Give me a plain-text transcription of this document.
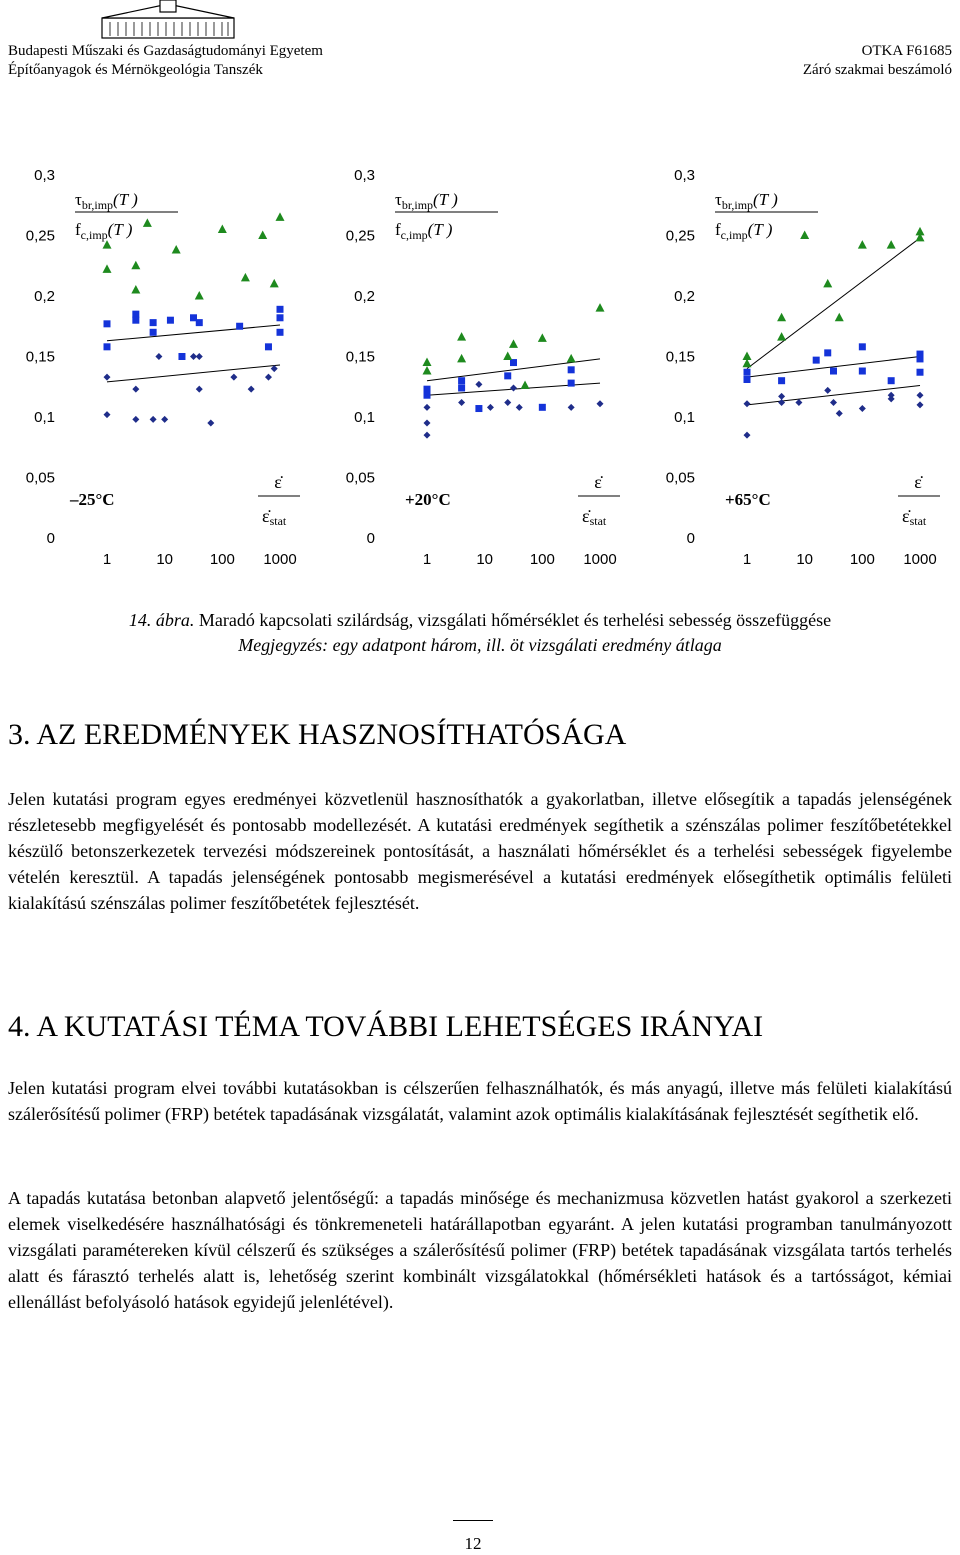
Budapesti Műszaki és Gazdaságtudományi Egyetem
Építőanyagok és Mérnökgeológia Tanszék
OTKA F61685
Záró szakmai beszámoló
0,3
0,25
0,2
0,15
0,1
0,05
0
1	10 100 1000
$\tau_{br,imp}(T$ )
$f_{c,imp}(T$ )
ε̇
ε̇stat
–25°C
0,3
0,25
0,2
0,15
0,1
0,05
0
1	10 100 1000
$\tau_{br,imp}(T$ )
$f_{c,imp}(T$ )
ε̇
ε̇stat
+20°C
0,3
0,25
0,2
0,15
0,1
0,05
0
1	10 100 1000
$\tau_{br,imp}(T$ )
$f_{c,imp}(T$ )
ε̇
ε̇stat
+65°C
14. ábra. Maradó kapcsolati szilárdság, vizsgálati hőmérséklet és terhelési sebesség összefüggése
Megjegyzés: egy adatpont három, ill. öt vizsgálati eredmény átlaga
3. AZ EREDMÉNYEK HASZNOSÍTHATÓSÁGA

Jelen kutatási program egyes eredményei közvetlenül hasznosíthatók a gyakorlatban, illetve elősegítik a tapadás jelenségének részletesebb megfigyelését és pontosabb modellezését. A kutatási eredmények segíthetik a szénszálas polimer feszítőbetétekkel készülő betonszerkezetek tervezési módszereinek pontosítását, a használati hőmérséklet és a terhelési sebességek figyelembe vételén keresztül. A tapadás jelenségének pontosabb megismerésével a kutatási eredmények elősegíthetik optimális felületi kialakítású szénszálas polimer feszítőbetétek fejlesztését.

4. A KUTATÁSI TÉMA TOVÁBBI LEHETSÉGES IRÁNYAI

Jelen kutatási program elvei további kutatásokban is célszerűen felhasználhatók, és más anyagú, illetve más felületi kialakítású szálerősítésű polimer (FRP) betétek tapadásának vizsgálatát, valamint azok optimális kialakításának fejlesztését segíthetik elő.

A tapadás kutatása betonban alapvető jelentőségű: a tapadás minősége és mechanizmusa közvetlen hatást gyakorol a szerkezeti elemek viselkedésére használhatósági és tönkremeneteli határállapotban egyaránt. A jelen kutatási programban tanulmányozott vizsgálati paramétereken kívül célszerű és szükséges a szálerősítésű polimer (FRP) betétek tapadásának vizsgálata tartós terhelés alatt és fárasztó terhelés alatt is, lehetőség szerint kombinált vizsgálatokkal (hőmérsékleti hatások és a tartósságot, kémiai ellenállást befolyásoló hatások egyidejű jelenlétével).

12
